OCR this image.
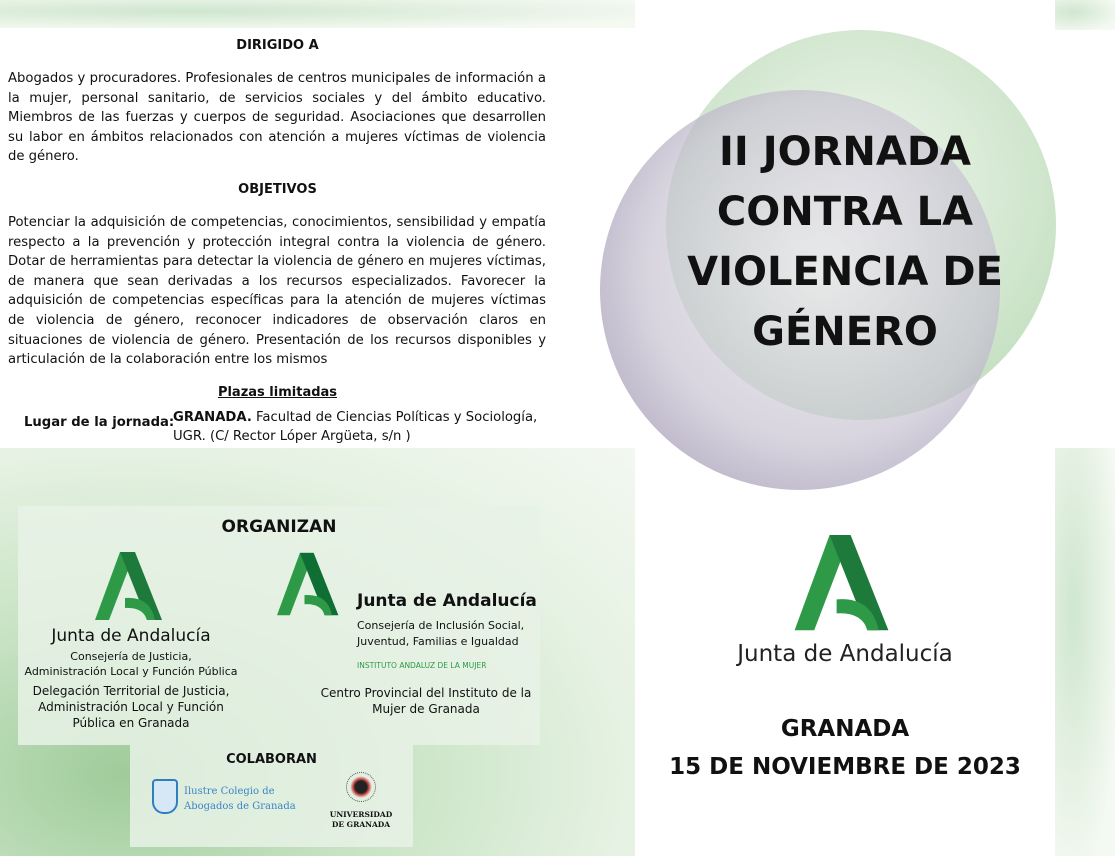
DIRIGIDO A
Abogados y procuradores. Profesionales de centros municipales de información a la mujer, personal sanitario, de servicios sociales y del ámbito educativo. Miembros de las fuerzas y cuerpos de seguridad. Asociaciones que desarrollen su labor en ámbitos relacionados con atención a mujeres víctimas de violencia de género.
OBJETIVOS
Potenciar la adquisición de competencias, conocimientos, sensibilidad y empatía respecto a la prevención y protección integral contra la violencia de género. Dotar de herramientas para detectar la violencia de género en mujeres víctimas, de manera que sean derivadas a los recursos especializados. Favorecer la adquisición de competencias específicas para la atención de mujeres víctimas de violencia de género, reconocer indicadores de observación claros en situaciones de violencia de género. Presentación de los recursos disponibles y articulación de la colaboración entre los mismos
Plazas limitadas
Lugar de la jornada:
GRANADA. Facultad de Ciencias Políticas y Sociología,
UGR. (C/ Rector Lóper Argüeta, s/n )
ORGANIZAN
Junta de Andalucía
Consejería de Justicia,
Administración Local y Función Pública
Delegación Territorial de Justicia,
Administración Local y Función
Pública en Granada
Junta de Andalucía
Consejería de Inclusión Social,
Juventud, Familias e Igualdad
INSTITUTO ANDALUZ DE LA MUJER
Centro Provincial del Instituto de la
Mujer de Granada
COLABORAN
Ilustre Colegio de
Abogados de Granada
UNIVERSIDAD
DE GRANADA
II JORNADA
CONTRA LA
VIOLENCIA DE
GÉNERO
Junta de Andalucía
GRANADA
15 DE NOVIEMBRE DE 2023
